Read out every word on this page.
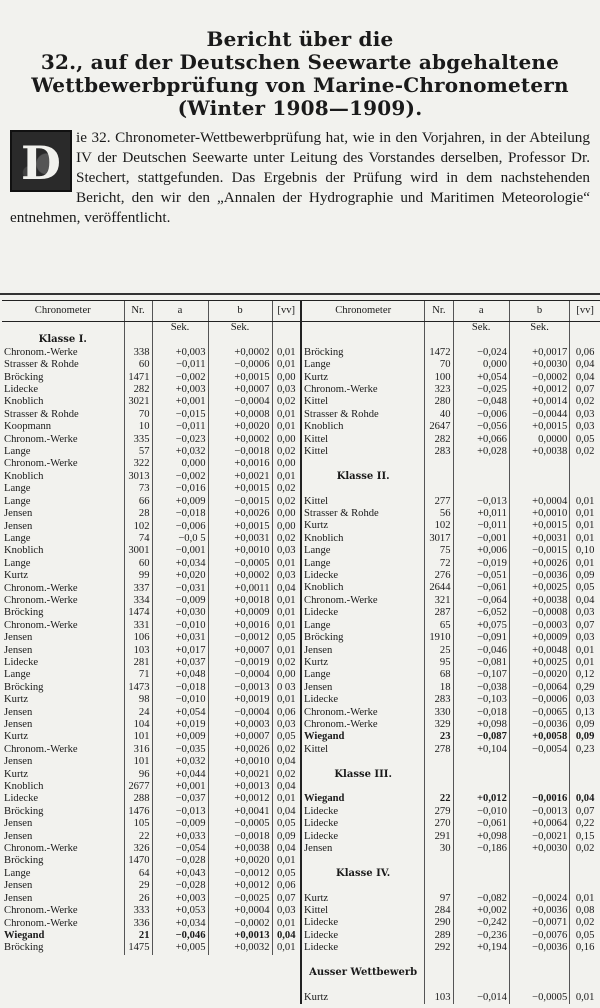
Bericht über die
32., auf der Deutschen Seewarte abgehaltene
Wettbewerbprüfung von Marine-Chronometern
(Winter 1908—1909).
D ie 32. Chronometer-Wettbewerbprüfung hat, wie in den Vorjahren, in der Abteilung IV der Deutschen Seewarte unter Leitung des Vorstandes derselben, Professor Dr. Stechert, stattgefunden. Das Ergebnis der Prüfung wird in dem nachstehenden Bericht, den wir den „Annalen der Hydrographie und Maritimen Meteorologie“ entnehmen, veröffentlicht.
Chronometer	Nr.	a	b	[vv]
		Sek.	Sek.	
Klasse I.				
Chronom.-Werke	338	+0,003	+0,0002	0,01
Strasser & Rohde	60	−0,011	−0,0006	0,01
Bröcking	1471	−0,002	+0,0015	0,00
Lidecke	282	+0,003	+0,0007	0,03
Knoblich	3021	+0,001	−0,0004	0,02
Strasser & Rohde	70	−0,015	+0,0008	0,01
Koopmann	10	−0,011	+0,0020	0,01
Chronom.-Werke	335	−0,023	+0,0002	0,00
Lange	57	+0,032	−0,0018	0,02
Chronom.-Werke	322	0,000	+0,0016	0,00
Knoblich	3013	−0,002	+0,0021	0,01
Lange	73	−0,016	+0,0015	0,02
Lange	66	+0,009	−0,0015	0,02
Jensen	28	−0,018	+0,0026	0,00
Jensen	102	−0,006	+0,0015	0,00
Lange	74	−0,0 5	+0,0031	0,02
Knoblich	3001	−0,001	+0,0010	0,03
Lange	60	+0,034	−0,0005	0,01
Kurtz	99	+0,020	+0,0002	0,03
Chronom.-Werke	337	−0,031	+0,0011	0,04
Chronom.-Werke	334	−0,009	+0,0018	0,01
Bröcking	1474	+0,030	+0,0009	0,01
Chronom.-Werke	331	−0,010	+0,0016	0,01
Jensen	106	+0,031	−0,0012	0,05
Jensen	103	+0,017	+0,0007	0,01
Lidecke	281	+0,037	−0,0019	0,02
Lange	71	+0,048	−0,0004	0,00
Bröcking	1473	−0,018	−0,0013	0 03
Kurtz	98	−0,010	+0,0019	0,01
Jensen	24	+0,054	−0,0004	0,06
Jensen	104	+0,019	+0,0003	0,03
Kurtz	101	+0,009	+0,0007	0,05
Chronom.-Werke	316	−0,035	+0,0026	0,02
Jensen	101	+0,032	+0,0010	0,04
Kurtz	96	+0,044	+0,0021	0,02
Knoblich	2677	+0,001	+0,0013	0,04
Lidecke	288	−0,037	+0,0012	0,01
Bröcking	1476	−0,013	+0,0041	0,04
Jensen	105	−0,009	−0,0005	0,05
Jensen	22	+0,033	−0,0018	0,09
Chronom.-Werke	326	−0,054	+0,0038	0,04
Bröcking	1470	−0,028	+0,0020	0,01
Lange	64	+0,043	−0,0012	0,05
Jensen	29	−0,028	+0,0012	0,06
Jensen	26	+0,003	−0,0025	0,07
Chronom.-Werke	333	+0,053	+0,0004	0,03
Chronom.-Werke	336	+0,034	−0,0002	0,01
Wiegand	21	−0,046	+0,0013	0,04
Bröcking	1475	+0,005	+0,0032	0,01
Chronometer	Nr.	a	b	[vv]
		Sek.	Sek.	

Bröcking	1472	−0,024	+0,0017	0,06
Lange	70	0,000	+0,0030	0,04
Kurtz	100	+0,054	−0,0002	0,04
Chronom.-Werke	323	−0,025	+0,0012	0,07
Kittel	280	−0,048	+0,0014	0,02
Strasser & Rohde	40	−0,006	−0,0044	0,03
Knoblich	2647	−0,056	+0,0015	0,03
Kittel	282	+0,066	0,0000	0,05
Kittel	283	+0,028	+0,0038	0,02

Klasse II.				

Kittel	277	−0,013	+0,0004	0,01
Strasser & Rohde	56	+0,011	+0,0010	0,01
Kurtz	102	−0,011	+0,0015	0,01
Knoblich	3017	−0,001	+0,0031	0,01
Lange	75	+0,006	−0,0015	0,10
Lange	72	−0,019	+0,0026	0,01
Lidecke	276	−0,051	−0,0036	0,09
Knoblich	2644	−0,061	+0,0025	0,05
Chronom.-Werke	321	−0,064	+0,0038	0,04
Lidecke	287	−6,052	−0,0008	0,03
Lange	65	+0,075	−0,0003	0,07
Bröcking	1910	−0,091	+0,0009	0,03
Jensen	25	−0,046	+0,0048	0,01
Kurtz	95	−0,081	+0,0025	0,01
Lange	68	−0,107	−0,0020	0,12
Jensen	18	−0,038	−0,0064	0,29
Lidecke	283	−0,103	−0,0006	0,03
Chronom.-Werke	330	−0,018	−0,0065	0,13
Chronom.-Werke	329	+0,098	−0,0036	0,09
Wiegand	23	−0,087	+0,0058	0,09
Kittel	278	+0,104	−0,0054	0,23

Klasse III.				

Wiegand	22	+0,012	−0,0016	0,04
Lidecke	279	−0,010	−0,0013	0,07
Lidecke	270	−0,061	+0,0064	0,22
Lidecke	291	+0,098	−0,0021	0,15
Jensen	30	−0,186	+0,0030	0,02

Klasse IV.				

Kurtz	97	−0,082	−0,0024	0,01
Kittel	284	+0,002	+0,0036	0,08
Lidecke	290	−0,242	−0,0071	0,02
Lidecke	289	−0,236	−0,0076	0,05
Lidecke	292	+0,194	−0,0036	0,16

Ausser Wettbewerb				

Kurtz	103	−0,014	−0,0005	0,01
